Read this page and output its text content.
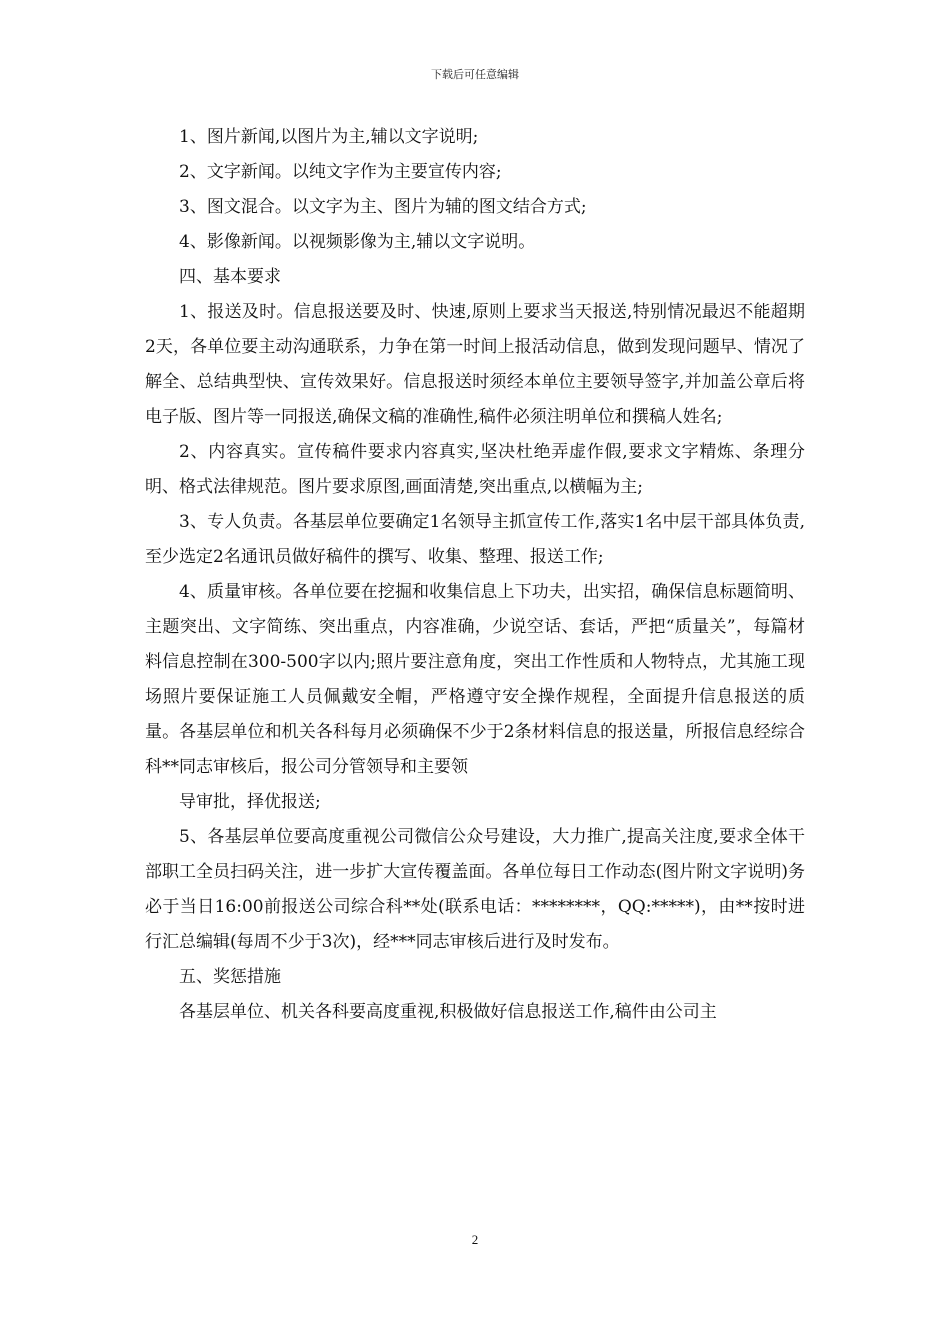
下载后可任意编辑

1、图片新闻,以图片为主,辅以文字说明;

2、文字新闻。以纯文字作为主要宣传内容;

3、图文混合。以文字为主、图片为辅的图文结合方式;

4、影像新闻。以视频影像为主,辅以文字说明。

四、基本要求

1、报送及时。信息报送要及时、快速,原则上要求当天报送,特别情况最迟不能超期2天，各单位要主动沟通联系，力争在第一时间上报活动信息，做到发现问题早、情况了解全、总结典型快、宣传效果好。信息报送时须经本单位主要领导签字,并加盖公章后将电子版、图片等一同报送,确保文稿的准确性,稿件必须注明单位和撰稿人姓名;

2、内容真实。宣传稿件要求内容真实,坚决杜绝弄虚作假,要求文字精炼、条理分明、格式法律规范。图片要求原图,画面清楚,突出重点,以横幅为主;

3、专人负责。各基层单位要确定1名领导主抓宣传工作,落实1名中层干部具体负责,至少选定2名通讯员做好稿件的撰写、收集、整理、报送工作;

4、质量审核。各单位要在挖掘和收集信息上下功夫，出实招，确保信息标题简明、主题突出、文字简练、突出重点，内容准确，少说空话、套话，严把“质量关”，每篇材料信息控制在300-500字以内;照片要注意角度，突出工作性质和人物特点，尤其施工现场照片要保证施工人员佩戴安全帽，严格遵守安全操作规程，全面提升信息报送的质量。各基层单位和机关各科每月必须确保不少于2条材料信息的报送量，所报信息经综合科**同志审核后，报公司分管领导和主要领

导审批，择优报送;

5、各基层单位要高度重视公司微信公众号建设，大力推广,提高关注度,要求全体干部职工全员扫码关注，进一步扩大宣传覆盖面。各单位每日工作动态(图片附文字说明)务必于当日16:00前报送公司综合科**处(联系电话：********，QQ:*****)，由**按时进行汇总编辑(每周不少于3次)，经***同志审核后进行及时发布。

五、奖惩措施

各基层单位、机关各科要高度重视,积极做好信息报送工作,稿件由公司主

2
